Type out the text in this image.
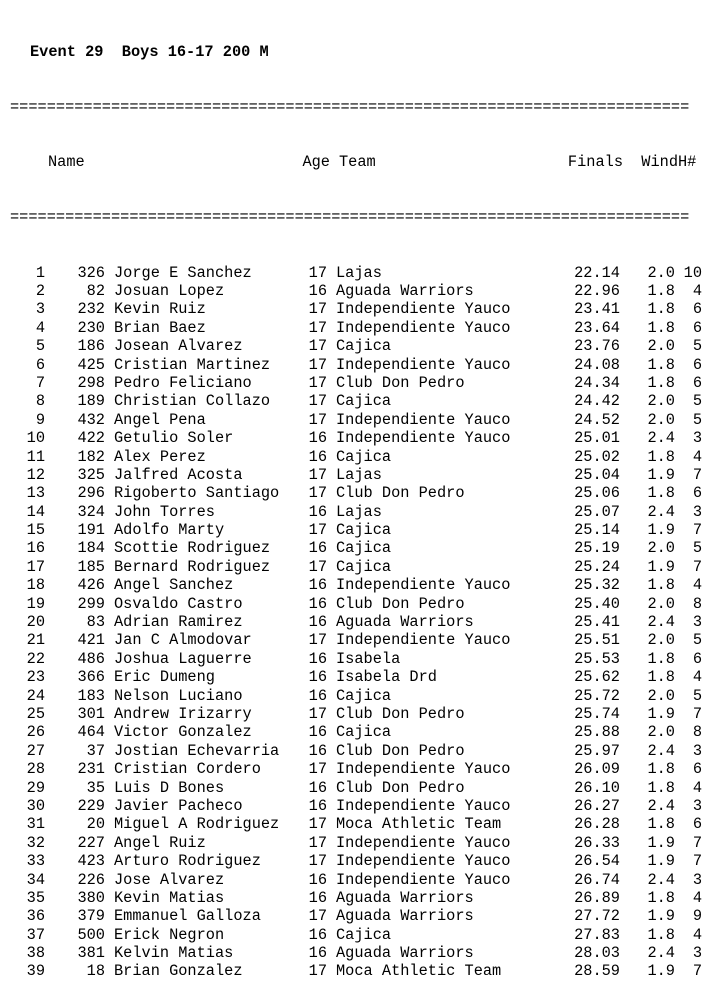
Event 29  Boys 16-17 200 M

==========================================================================

Name	Age Team	Finals WindH#

==========================================================================

1 326 Jorge E Sanchez	17 Lajas	22.14 2.0 10
2	82 Josuan Lopez	16 Aguada Warriors	22.96 1.8 4
3 232 Kevin Ruiz	17 Independiente Yauco	23.41 1.8 6
4 230 Brian Baez	17 Independiente Yauco	23.64 1.8 6
5 186 Josean Alvarez	17 Cajica	23.76 2.0 5
6 425 Cristian Martinez	17 Independiente Yauco	24.08 1.8 6
7 298 Pedro Feliciano	17 Club Don Pedro	24.34 1.8 6
8 189 Christian Collazo	17 Cajica	24.42 2.0 5
9 432 Angel Pena	17 Independiente Yauco	24.52 2.0 5
10 422 Getulio Soler	16 Independiente Yauco	25.01 2.4 3
11 182 Alex Perez	16 Cajica	25.02 1.8 4
12 325 Jalfred Acosta	17 Lajas	25.04 1.9 7
13 296 Rigoberto Santiago 17 Club Don Pedro	25.06 1.8 6
14 324 John Torres	16 Lajas	25.07 2.4 3
15 191 Adolfo Marty	17 Cajica	25.14 1.9 7
16 184 Scottie Rodriguez	16 Cajica	25.19 2.0 5
17 185 Bernard Rodriguez	17 Cajica	25.24 1.9 7
18 426 Angel Sanchez	16 Independiente Yauco	25.32 1.8 4
19 299 Osvaldo Castro	16 Club Don Pedro	25.40 2.0 8
20	83 Adrian Ramirez	16 Aguada Warriors	25.41 2.4 3
21 421 Jan C Almodovar	17 Independiente Yauco	25.51 2.0 5
22 486 Joshua Laguerre	16 Isabela	25.53 1.8 6
23 366 Eric Dumeng	16 Isabela Drd	25.62 1.8 4
24 183 Nelson Luciano	16 Cajica	25.72 2.0 5
25 301 Andrew Irizarry	17 Club Don Pedro	25.74 1.9 7
26 464 Victor Gonzalez	16 Cajica	25.88 2.0 8
27	37 Jostian Echevarria 16 Club Don Pedro	25.97 2.4 3
28 231 Cristian Cordero	17 Independiente Yauco	26.09 1.8 6
29	35 Luis D Bones	16 Club Don Pedro	26.10 1.8 4
30 229 Javier Pacheco	16 Independiente Yauco	26.27 2.4 3
31	20 Miguel A Rodriguez 17 Moca Athletic Team	26.28 1.8 6
32 227 Angel Ruiz	17 Independiente Yauco	26.33 1.9 7
33 423 Arturo Rodriguez	17 Independiente Yauco	26.54 1.9 7
34 226 Jose Alvarez	16 Independiente Yauco	26.74 2.4 3
35 380 Kevin Matias	16 Aguada Warriors	26.89 1.8 4
36 379 Emmanuel Galloza	17 Aguada Warriors	27.72 1.9 9
37 500 Erick Negron	16 Cajica	27.83 1.8 4
38 381 Kelvin Matias	16 Aguada Warriors	28.03 2.4 3
39	18 Brian Gonzalez	17 Moca Athletic Team	28.59 1.9 7
